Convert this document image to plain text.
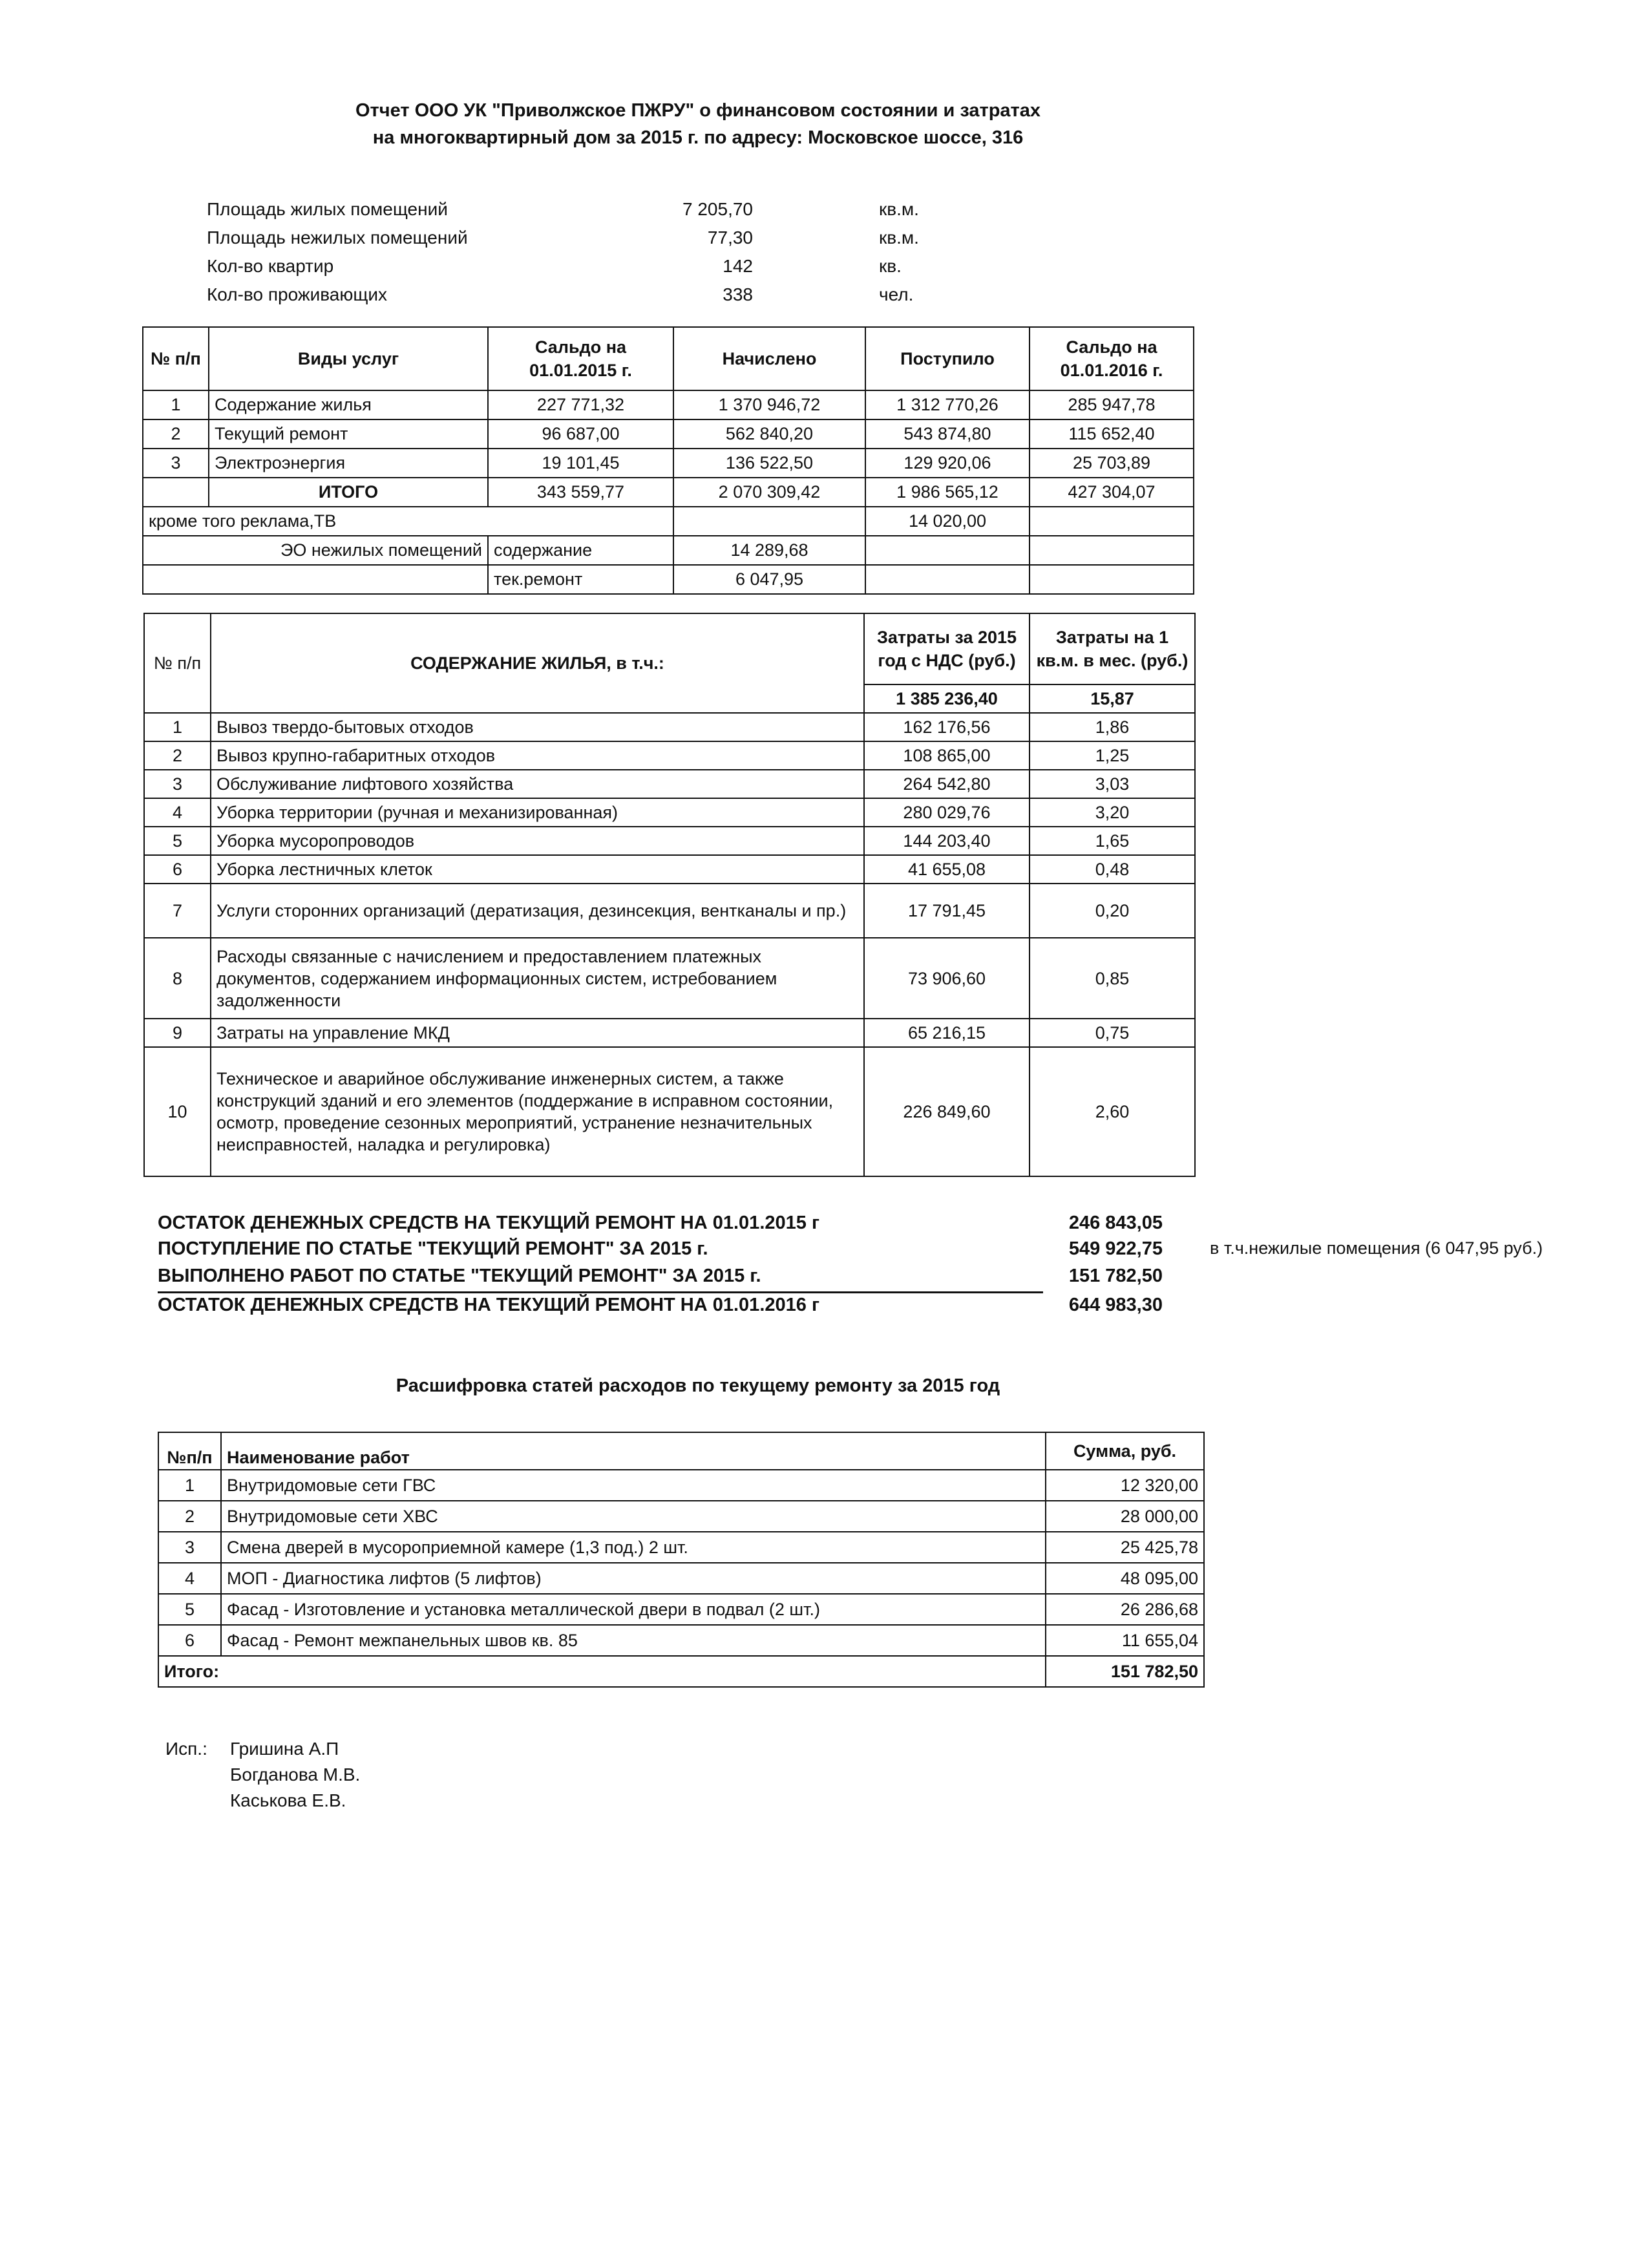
Отчет ООО УК "Приволжское ПЖРУ" о финансовом состоянии и затратах
на многоквартирный дом за 2015 г. по адресу: Московское шоссе, 316
Площадь жилых помещений	7 205,70	кв.м.
Площадь нежилых помещений	77,30	кв.м.
Кол-во квартир	142	кв.
Кол-во проживающих	338	чел.
№ п/п	Виды услуг	Сальдо на 01.01.2015 г.	Начислено	Поступило	Сальдо на 01.01.2016 г.
1	Содержание жилья	227 771,32	1 370 946,72	1 312 770,26	285 947,78
2	Текущий ремонт	96 687,00	562 840,20	543 874,80	115 652,40
3	Электроэнергия	19 101,45	136 522,50	129 920,06	25 703,89
	ИТОГО	343 559,77	2 070 309,42	1 986 565,12	427 304,07
кроме того реклама,ТВ				14 020,00	
ЭО нежилых помещений		содержание	14 289,68		
		тек.ремонт	6 047,95		
№ п/п	СОДЕРЖАНИЕ ЖИЛЬЯ, в т.ч.:	Затраты за 2015 год с НДС (руб.)	Затраты на 1 кв.м. в мес. (руб.)
		1 385 236,40	15,87
1	Вывоз твердо-бытовых отходов	162 176,56	1,86
2	Вывоз крупно-габаритных отходов	108 865,00	1,25
3	Обслуживание лифтового хозяйства	264 542,80	3,03
4	Уборка территории (ручная и механизированная)	280 029,76	3,20
5	Уборка мусоропроводов	144 203,40	1,65
6	Уборка лестничных клеток	41 655,08	0,48
7	Услуги сторонних организаций (дератизация, дезинсекция, вентканалы и пр.)	17 791,45	0,20
8	Расходы связанные с начислением и предоставлением платежных документов, содержанием информационных систем, истребованием задолженности	73 906,60	0,85
9	Затраты на управление МКД	65 216,15	0,75
10	Техническое и аварийное обслуживание инженерных систем, а также конструкций зданий и его элементов (поддержание в исправном состоянии, осмотр, проведение сезонных мероприятий, устранение незначительных неисправностей, наладка и регулировка)	226 849,60	2,60
ОСТАТОК ДЕНЕЖНЫХ СРЕДСТВ НА ТЕКУЩИЙ РЕМОНТ НА 01.01.2015 г	246 843,05
ПОСТУПЛЕНИЕ ПО СТАТЬЕ "ТЕКУЩИЙ РЕМОНТ" ЗА 2015 г.	549 922,75	в т.ч.нежилые помещения (6 047,95 руб.)
ВЫПОЛНЕНО РАБОТ ПО СТАТЬЕ "ТЕКУЩИЙ РЕМОНТ" ЗА 2015 г.	151 782,50
ОСТАТОК ДЕНЕЖНЫХ СРЕДСТВ НА ТЕКУЩИЙ РЕМОНТ НА 01.01.2016 г	644 983,30
Расшифровка статей расходов по текущему ремонту за 2015 год
№п/п	Наименование работ	Сумма, руб.
1	Внутридомовые сети ГВС	12 320,00
2	Внутридомовые сети ХВС	28 000,00
3	Смена дверей в мусороприемной камере (1,3 под.) 2 шт.	25 425,78
4	МОП - Диагностика лифтов (5 лифтов)	48 095,00
5	Фасад - Изготовление и установка металлической двери в подвал (2 шт.)	26 286,68
6	Фасад - Ремонт межпанельных швов кв. 85	11 655,04
Итого:		151 782,50
Исп.: Гришина А.П
Богданова М.В.
Каськова Е.В.
